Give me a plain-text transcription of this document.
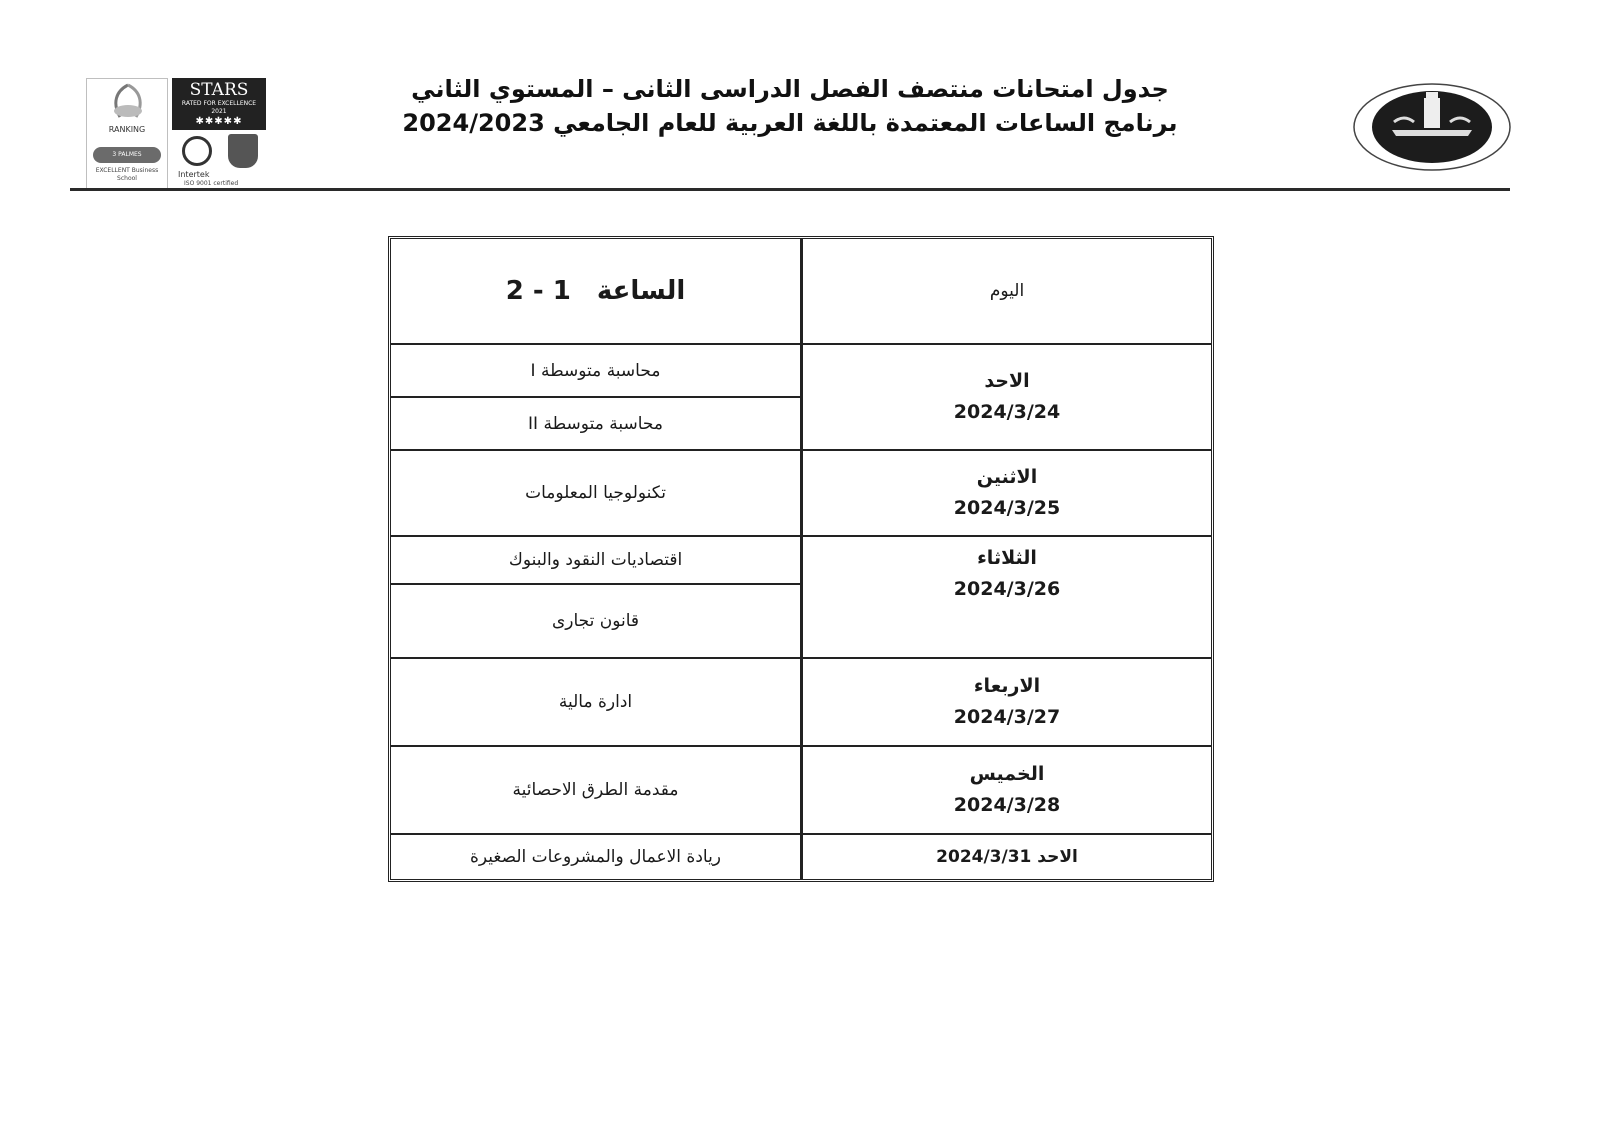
RANKING
3 PALMES
EXCELLENT Business School
STARS
RATED FOR EXCELLENCE
2021
✱✱✱✱✱
Intertek
ISO 9001 certified
جدول امتحانات منتصف الفصل الدراسى الثانى – المستوي الثاني
برنامج الساعات المعتمدة باللغة العربية للعام الجامعي 2024/2023
الساعة
2 - 1	اليوم
محاسبة متوسطة I
محاسبة متوسطة II
الاحد
2024/3/24
تكنولوجيا المعلومات
الاثنين
2024/3/25
اقتصاديات النقود والبنوك
قانون تجارى
الثلاثاء
2024/3/26
ادارة مالية
الاربعاء
2024/3/27
مقدمة الطرق الاحصائية
الخميس
2024/3/28
ريادة الاعمال والمشروعات الصغيرة	الاحد 2024/3/31
